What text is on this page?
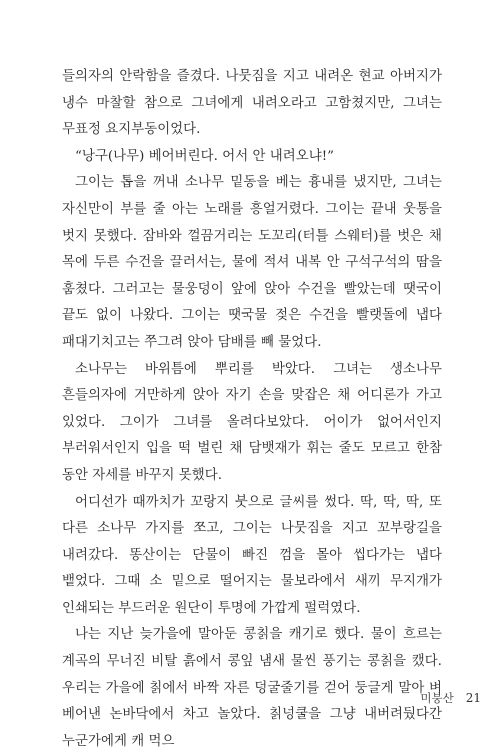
들의자의 안락함을 즐겼다. 나뭇짐을 지고 내려온 현교 아버지가 냉수 마찰할 참으로 그녀에게 내려오라고 고함쳤지만, 그녀는 무표정 요지부동이었다.

“낭구(나무) 베어버린다. 어서 안 내려오냐!”

그이는 톱을 꺼내 소나무 밑동을 베는 흉내를 냈지만, 그녀는 자신만이 부를 줄 아는 노래를 흥얼거렸다. 그이는 끝내 웃통을 벗지 못했다. 잠바와 껄끔거리는 도꼬리(터틀 스웨터)를 벗은 채 목에 두른 수건을 끌러서는, 물에 적셔 내복 안 구석구석의 땀을 훔쳤다. 그러고는 물웅덩이 앞에 앉아 수건을 빨았는데 땟국이 끝도 없이 나왔다. 그이는 땟국물 젖은 수건을 빨랫돌에 냅다 패대기치고는 쭈그려 앉아 담배를 빼 물었다.

소나무는 바위틈에 뿌리를 박았다. 그녀는 생소나무 흔들의자에 거만하게 앉아 자기 손을 맞잡은 채 어디론가 가고 있었다. 그이가 그녀를 올려다보았다. 어이가 없어서인지 부러워서인지 입을 떡 벌린 채 담뱃재가 휘는 줄도 모르고 한참 동안 자세를 바꾸지 못했다.

어디선가 때까치가 꼬랑지 붓으로 글씨를 썼다. 딱, 딱, 딱, 또 다른 소나무 가지를 쪼고, 그이는 나뭇짐을 지고 꼬부랑길을 내려갔다. 똥산이는 단물이 빠진 껌을 몰아 씹다가는 냅다 뱉었다. 그때 소 밑으로 떨어지는 물보라에서 새끼 무지개가 인쇄되는 부드러운 원단이 투명에 가깝게 펄럭였다.

나는 지난 늦가을에 말아둔 콩칡을 캐기로 했다. 물이 흐르는 계곡의 무너진 비탈 흙에서 콩잎 냄새 물씬 풍기는 콩칡을 캤다. 우리는 가을에 칡에서 바짝 자른 덩굴줄기를 걷어 둥글게 말아 벼 베어낸 논바닥에서 차고 놀았다. 칡넝쿨을 그냥 내버려뒀다간 누군가에게 캐 먹으

미붕산 21
